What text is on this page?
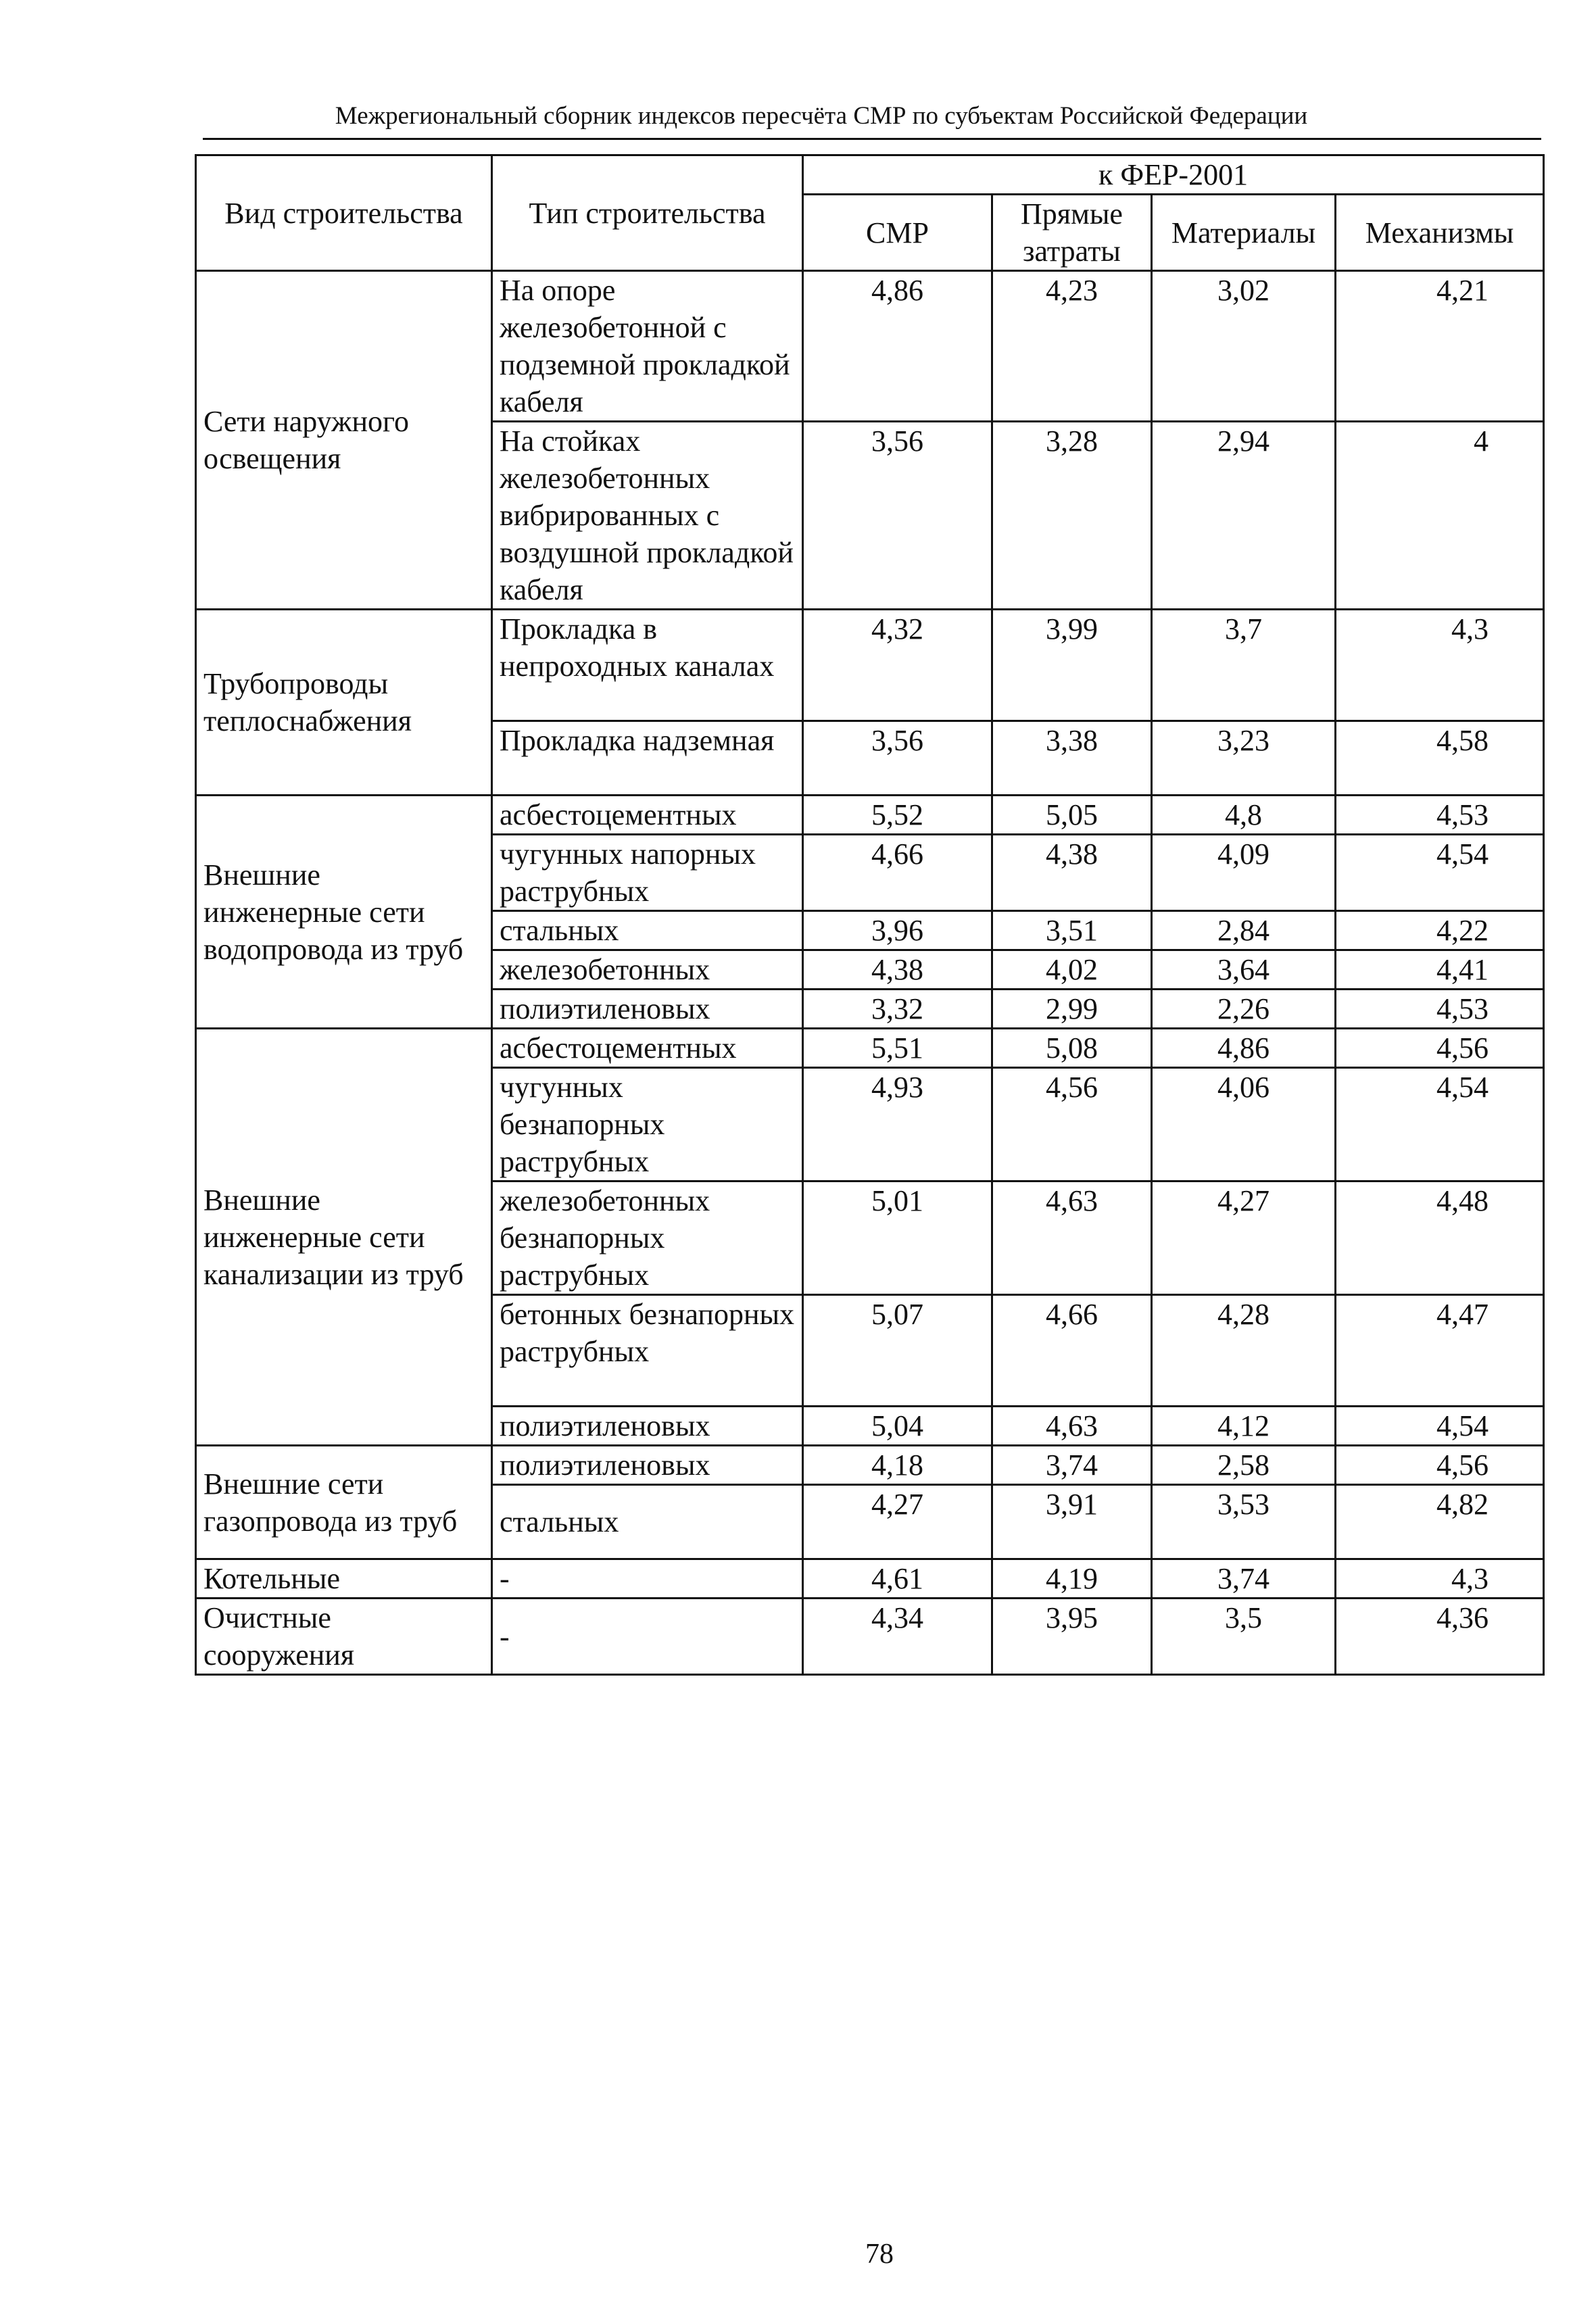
Межрегиональный сборник индексов пересчёта СМР по субъектам Российской Федерации
Вид строительства	Тип строительства	к ФЕР-2001			
		СМР	Прямые затраты	Материалы	Механизмы
Сети наружного освещения	На опоре железобетонной с подземной прокладкой кабеля	4,86	4,23	3,02	4,21
	На стойках железобетонных вибрированных с воздушной прокладкой кабеля	3,56	3,28	2,94	4
Трубопроводы теплоснабжения	Прокладка в непроходных каналах	4,32	3,99	3,7	4,3
	Прокладка надземная	3,56	3,38	3,23	4,58
Внешние инженерные сети водопровода из труб	асбестоцементных	5,52	5,05	4,8	4,53
	чугунных напорных раструбных	4,66	4,38	4,09	4,54
	стальных	3,96	3,51	2,84	4,22
	железобетонных	4,38	4,02	3,64	4,41
	полиэтиленовых	3,32	2,99	2,26	4,53
Внешние инженерные сети канализации из труб	асбестоцементных	5,51	5,08	4,86	4,56
	чугунных безнапорных раструбных	4,93	4,56	4,06	4,54
	железобетонных безнапорных раструбных	5,01	4,63	4,27	4,48
	бетонных безнапорных раструбных	5,07	4,66	4,28	4,47
	полиэтиленовых	5,04	4,63	4,12	4,54
Внешние сети газопровода из труб	полиэтиленовых	4,18	3,74	2,58	4,56
	стальных	4,27	3,91	3,53	4,82
Котельные	-	4,61	4,19	3,74	4,3
Очистные сооружения	-	4,34	3,95	3,5	4,36
78
